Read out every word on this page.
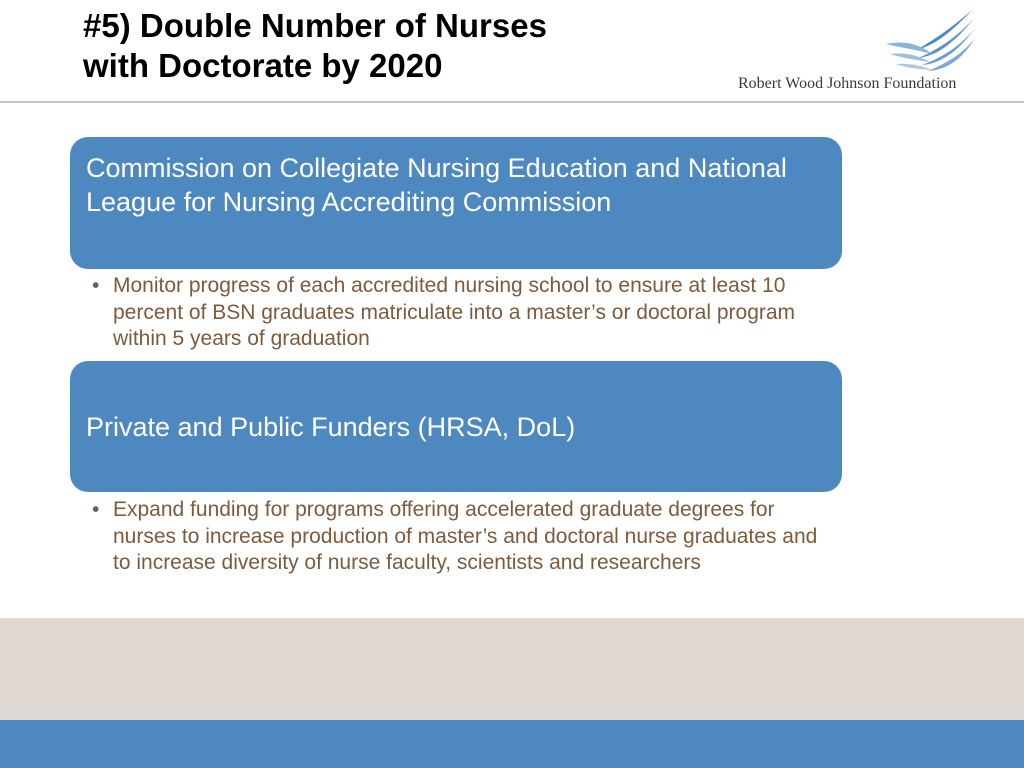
#5) Double Number of Nurses
with Doctorate by 2020	Robert Wood Johnson Foundation
Commission on Collegiate Nursing Education and National League for Nursing Accrediting Commission
• Monitor progress of each accredited nursing school to ensure at least 10 percent of BSN graduates matriculate into a master’s or doctoral program within 5 years of graduation
Private and Public Funders (HRSA, DoL)
• Expand funding for programs offering accelerated graduate degrees for nurses to increase production of master’s and doctoral nurse graduates and to increase diversity of nurse faculty, scientists and researchers
